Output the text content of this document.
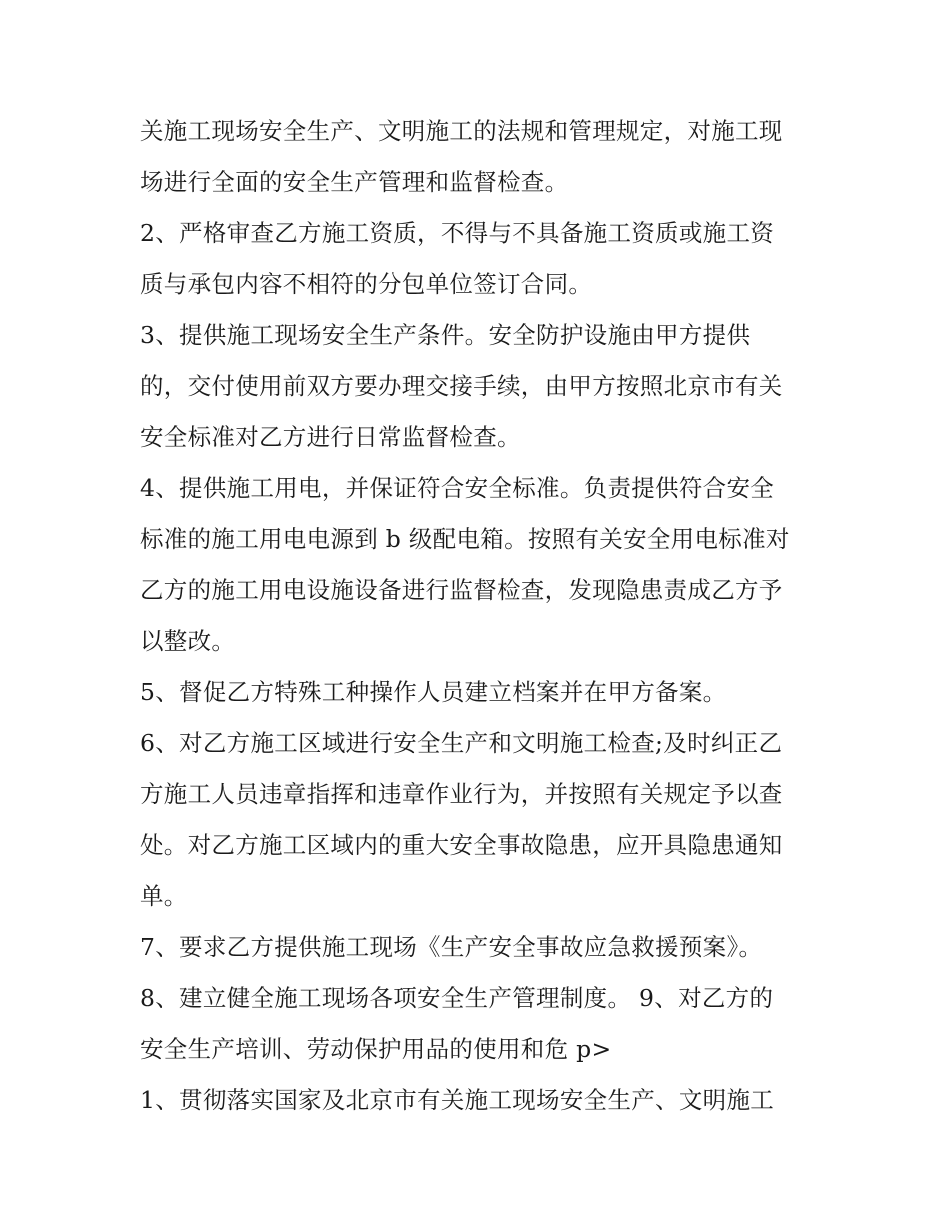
关施工现场安全生产、文明施工的法规和管理规定，对施工现
场进行全面的安全生产管理和监督检查。
2、严格审查乙方施工资质，不得与不具备施工资质或施工资
质与承包内容不相符的分包单位签订合同。
3、提供施工现场安全生产条件。安全防护设施由甲方提供
的，交付使用前双方要办理交接手续，由甲方按照北京市有关
安全标准对乙方进行日常监督检查。
4、提供施工用电，并保证符合安全标准。负责提供符合安全
标准的施工用电电源到 b 级配电箱。按照有关安全用电标准对
乙方的施工用电设施设备进行监督检查，发现隐患责成乙方予
以整改。
5、督促乙方特殊工种操作人员建立档案并在甲方备案。
6、对乙方施工区域进行安全生产和文明施工检查;及时纠正乙
方施工人员违章指挥和违章作业行为，并按照有关规定予以查
处。对乙方施工区域内的重大安全事故隐患，应开具隐患通知
单。
7、要求乙方提供施工现场《生产安全事故应急救援预案》。
8、建立健全施工现场各项安全生产管理制度。 9、对乙方的
安全生产培训、劳动保护用品的使用和危 p>
1、贯彻落实国家及北京市有关施工现场安全生产、文明施工
